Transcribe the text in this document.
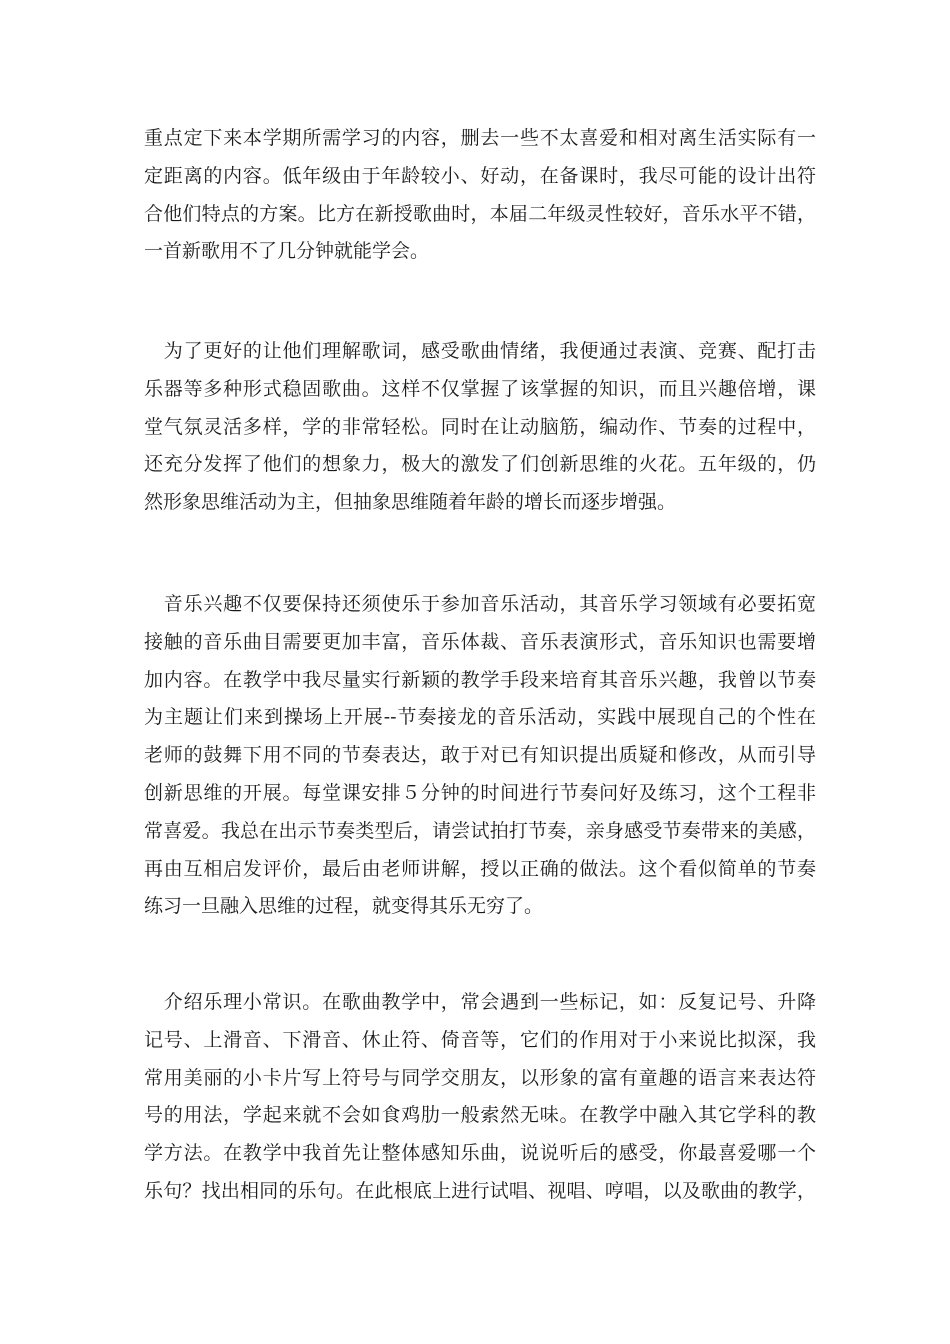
重点定下来本学期所需学习的内容，删去一些不太喜爱和相对离生活实际有一
定距离的内容。低年级由于年龄较小、好动，在备课时，我尽可能的设计出符
合他们特点的方案。比方在新授歌曲时，本届二年级灵性较好，音乐水平不错，
一首新歌用不了几分钟就能学会。
　为了更好的让他们理解歌词，感受歌曲情绪，我便通过表演、竞赛、配打击
乐器等多种形式稳固歌曲。这样不仅掌握了该掌握的知识，而且兴趣倍增，课
堂气氛灵活多样，学的非常轻松。同时在让动脑筋，编动作、节奏的过程中，
还充分发挥了他们的想象力，极大的激发了们创新思维的火花。五年级的，仍
然形象思维活动为主，但抽象思维随着年龄的增长而逐步增强。
　音乐兴趣不仅要保持还须使乐于参加音乐活动，其音乐学习领域有必要拓宽
接触的音乐曲目需要更加丰富，音乐体裁、音乐表演形式，音乐知识也需要增
加内容。在教学中我尽量实行新颖的教学手段来培育其音乐兴趣，我曾以节奏
为主题让们来到操场上开展--节奏接龙的音乐活动，实践中展现自己的个性在
老师的鼓舞下用不同的节奏表达，敢于对已有知识提出质疑和修改，从而引导
创新思维的开展。每堂课安排５分钟的时间进行节奏问好及练习，这个工程非
常喜爱。我总在出示节奏类型后，请尝试拍打节奏，亲身感受节奏带来的美感，
再由互相启发评价，最后由老师讲解，授以正确的做法。这个看似简单的节奏
练习一旦融入思维的过程，就变得其乐无穷了。
　介绍乐理小常识。在歌曲教学中，常会遇到一些标记，如：反复记号、升降
记号、上滑音、下滑音、休止符、倚音等，它们的作用对于小来说比拟深，我
常用美丽的小卡片写上符号与同学交朋友，以形象的富有童趣的语言来表达符
号的用法，学起来就不会如食鸡肋一般索然无味。在教学中融入其它学科的教
学方法。在教学中我首先让整体感知乐曲，说说听后的感受，你最喜爱哪一个
乐句？找出相同的乐句。在此根底上进行试唱、视唱、哼唱，以及歌曲的教学，
